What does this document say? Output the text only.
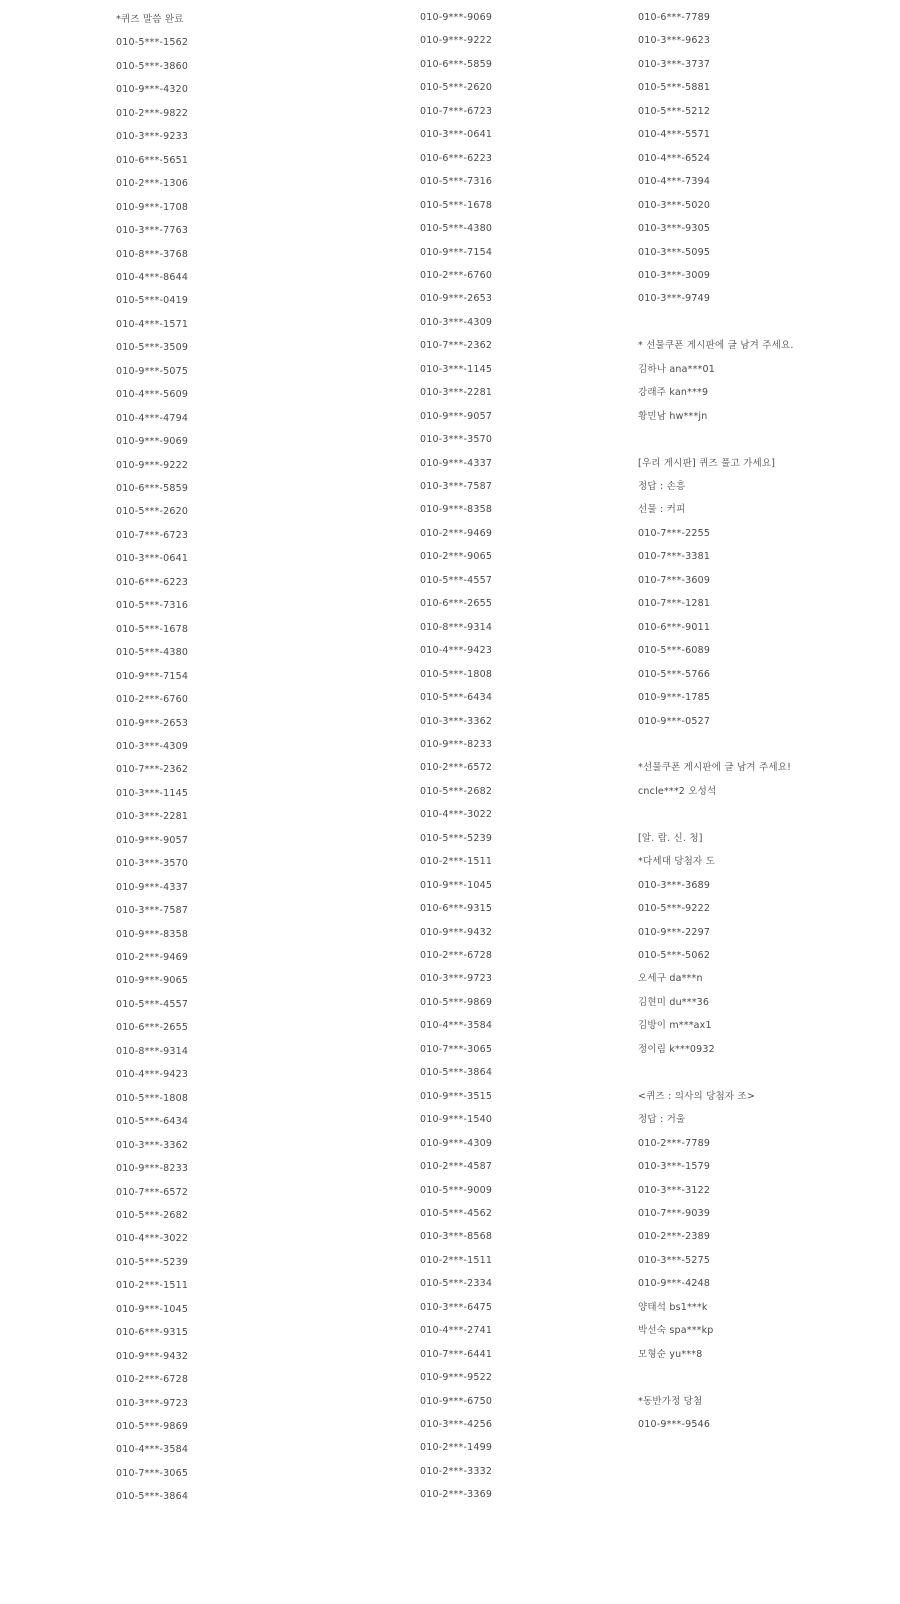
*퀴즈 말씀 완료
010-5***-1562
010-5***-3860
010-9***-4320
010-2***-9822
010-3***-9233
010-6***-5651
010-2***-1306
010-9***-1708
010-3***-7763
010-8***-3768
010-4***-8644
010-5***-0419
010-4***-1571
010-5***-3509
010-9***-5075
010-4***-5609
010-4***-4794
010-9***-9069
010-9***-9222
010-6***-5859
010-5***-2620
010-7***-6723
010-3***-0641
010-6***-6223
010-5***-7316
010-5***-1678
010-5***-4380
010-9***-7154
010-2***-6760
010-9***-2653
010-3***-4309
010-7***-2362
010-3***-1145
010-3***-2281
010-9***-9057
010-3***-3570
010-9***-4337
010-3***-7587
010-9***-8358
010-2***-9469
010-9***-9065
010-5***-4557
010-6***-2655
010-8***-9314
010-4***-9423
010-5***-1808
010-5***-6434
010-3***-3362
010-9***-8233
010-7***-6572
010-5***-2682
010-4***-3022
010-5***-5239
010-2***-1511
010-9***-1045
010-6***-9315
010-9***-9432
010-2***-6728
010-3***-9723
010-5***-9869
010-4***-3584
010-7***-3065
010-5***-3864
010-9***-9069
010-9***-9222
010-6***-5859
010-5***-2620
010-7***-6723
010-3***-0641
010-6***-6223
010-5***-7316
010-5***-1678
010-5***-4380
010-9***-7154
010-2***-6760
010-9***-2653
010-3***-4309
010-7***-2362
010-3***-1145
010-3***-2281
010-9***-9057
010-3***-3570
010-9***-4337
010-3***-7587
010-9***-8358
010-2***-9469
010-2***-9065
010-5***-4557
010-6***-2655
010-8***-9314
010-4***-9423
010-5***-1808
010-5***-6434
010-3***-3362
010-9***-8233
010-2***-6572
010-5***-2682
010-4***-3022
010-5***-5239
010-2***-1511
010-9***-1045
010-6***-9315
010-9***-9432
010-2***-6728
010-3***-9723
010-5***-9869
010-4***-3584
010-7***-3065
010-5***-3864
010-9***-3515
010-9***-1540
010-9***-4309
010-2***-4587
010-5***-9009
010-5***-4562
010-3***-8568
010-2***-1511
010-5***-2334
010-3***-6475
010-4***-2741
010-7***-6441
010-9***-9522
010-9***-6750
010-3***-4256
010-2***-1499
010-2***-3332
010-2***-3369
010-6***-7789
010-3***-9623
010-3***-3737
010-5***-5881
010-5***-5212
010-4***-5571
010-4***-6524
010-4***-7394
010-3***-5020
010-3***-9305
010-3***-5095
010-3***-3009
010-3***-9749
* 선물쿠폰 게시판에 글 남겨 주세요.
김하나 ana***01
강래주 kan***9
황민남 hw***jn
[우리 게시판] 퀴즈 풀고 가세요]
정답 : 손흥
선물 : 커피
010-7***-2255
010-7***-3381
010-7***-3609
010-7***-1281
010-6***-9011
010-5***-6089
010-5***-5766
010-9***-1785
010-9***-0527
*선물쿠폰 게시판에 글 남겨 주세요!
cncle***2 오성석
[알. 람. 신. 청]
*다세대 당첨자 도
010-3***-3689
010-5***-9222
010-9***-2297
010-5***-5062
오세구 da***n
김현미 du***36
김방이 m***ax1
정이림 k***0932
<퀴즈 : 의사의 당첨자 조>
정답 : 거울
010-2***-7789
010-3***-1579
010-3***-3122
010-7***-9039
010-2***-2389
010-3***-5275
010-9***-4248
양태석 bs1***k
박선숙 spa***kp
모형순 yu***8
*동반가정 당첨
010-9***-9546
